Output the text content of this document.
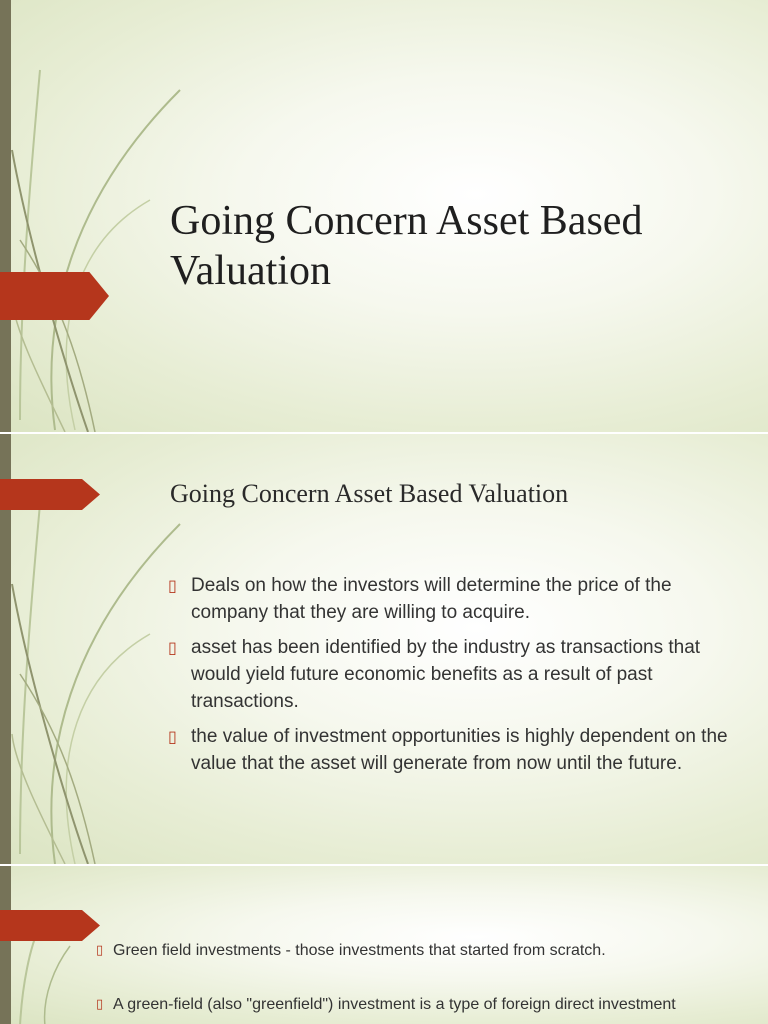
Going Concern Asset Based Valuation
Going Concern Asset Based Valuation
▯ Deals on how the investors will determine the price of the company that they are willing to acquire.
▯ asset has been identified by the industry as transactions that would yield future economic benefits as a result of past transactions.
▯ the value of investment opportunities is highly dependent on the value that the asset will generate from now until the future.
▯ Green field investments - those investments that started from scratch.
▯ A green-field (also "greenfield") investment is a type of foreign direct investment
